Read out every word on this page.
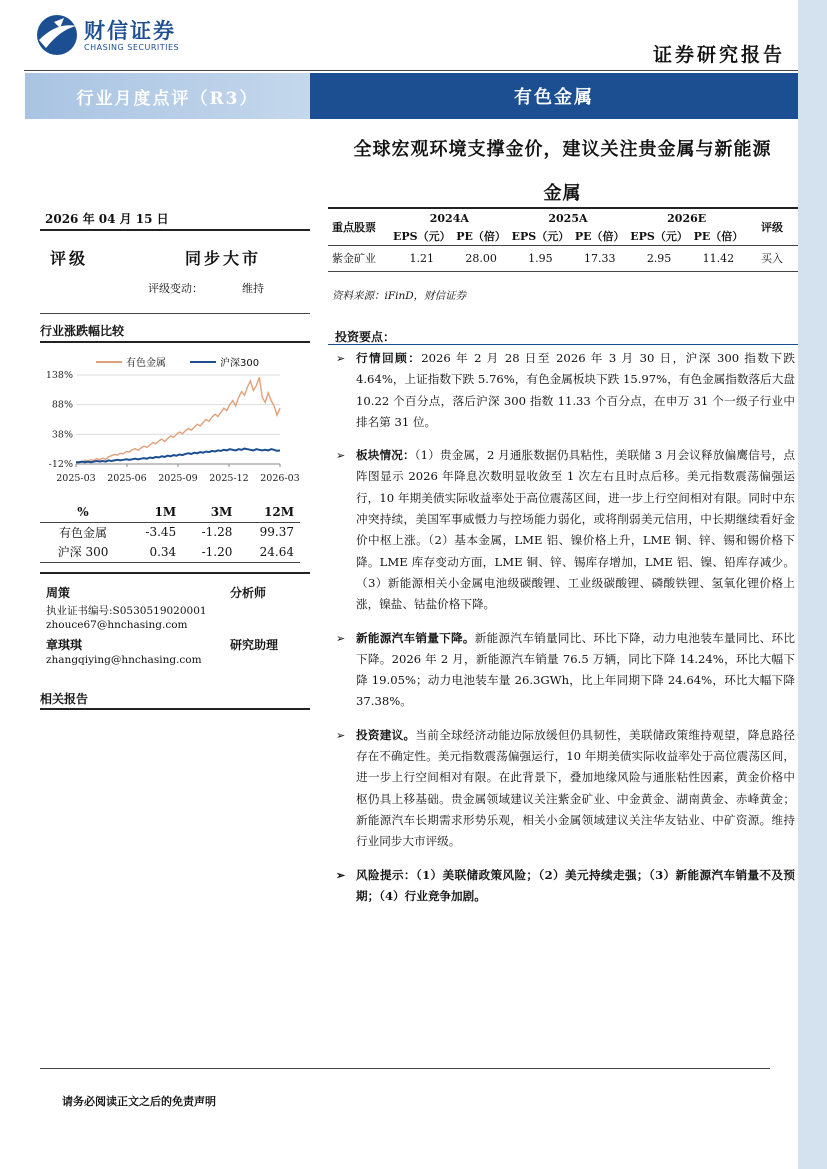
财信证券
CHASING SECURITIES	证券研究报告
行业月度点评（R3）	有色金属
全球宏观环境支撑金价，建议关注贵金属与新能源
金属
2026 年 04 月 15 日
评级	同步大市
评级变动：	维持
行业涨跌幅比较
有色金属	沪深300
138%
88%
38%
-12%
2025-03 2025-06 2025-09 2025-12 2026-03
%	1M	3M	12M
有色金属	-3.45	-1.28	99.37
沪深 300	0.34	-1.20	24.64
周策	分析师
执业证书编号:S0530519020001
zhouce67@hnchasing.com
章琪琪	研究助理
zhangqiying@hnchasing.com
相关报告
重点股票	2024A		2025A		2026E		评级
	EPS（元）	PE（倍）	EPS（元）	PE（倍）	EPS（元）	PE（倍）	
紫金矿业	1.21	28.00	1.95	17.33	2.95	11.42	买入
资料来源：iFinD，财信证券
投资要点：
➢ 行情回顾：2026 年 2 月 28 日至 2026 年 3 月 30 日，沪深 300 指数下跌 4.64%，上证指数下跌 5.76%，有色金属板块下跌 15.97%，有色金属指数落后大盘 10.22 个百分点，落后沪深 300 指数 11.33 个百分点，在申万 31 个一级子行业中排名第 31 位。
➢ 板块情况：（1）贵金属，2 月通胀数据仍具粘性，美联储 3 月会议释放偏鹰信号，点阵图显示 2026 年降息次数明显收敛至 1 次左右且时点后移。美元指数震荡偏强运行，10 年期美债实际收益率处于高位震荡区间，进一步上行空间相对有限。同时中东冲突持续，美国军事威慑力与控场能力弱化，或将削弱美元信用，中长期继续看好金价中枢上涨。（2）基本金属，LME 铝、镍价格上升，LME 铜、锌、锡和锡价格下降。LME 库存变动方面，LME 铜、锌、锡库存增加，LME 铝、镍、铅库存减少。（3）新能源相关小金属电池级碳酸锂、工业级碳酸锂、磷酸铁锂、氢氧化锂价格上涨，镍盐、钴盐价格下降。
➢ 新能源汽车销量下降。新能源汽车销量同比、环比下降，动力电池装车量同比、环比下降。2026 年 2 月，新能源汽车销量 76.5 万辆，同比下降 14.24%，环比大幅下降 19.05%；动力电池装车量 26.3GWh，比上年同期下降 24.64%，环比大幅下降 37.38%。
➢ 投资建议。当前全球经济动能边际放缓但仍具韧性，美联储政策维持观望，降息路径存在不确定性。美元指数震荡偏强运行，10 年期美债实际收益率处于高位震荡区间，进一步上行空间相对有限。在此背景下，叠加地缘风险与通胀粘性因素，黄金价格中枢仍具上移基础。贵金属领域建议关注紫金矿业、中金黄金、湖南黄金、赤峰黄金；新能源汽车长期需求形势乐观，相关小金属领域建议关注华友钴业、中矿资源。维持行业同步大市评级。
➢ 风险提示：（1）美联储政策风险；（2）美元持续走强；（3）新能源汽车销量不及预期；（4）行业竞争加剧。
请务必阅读正文之后的免责声明
